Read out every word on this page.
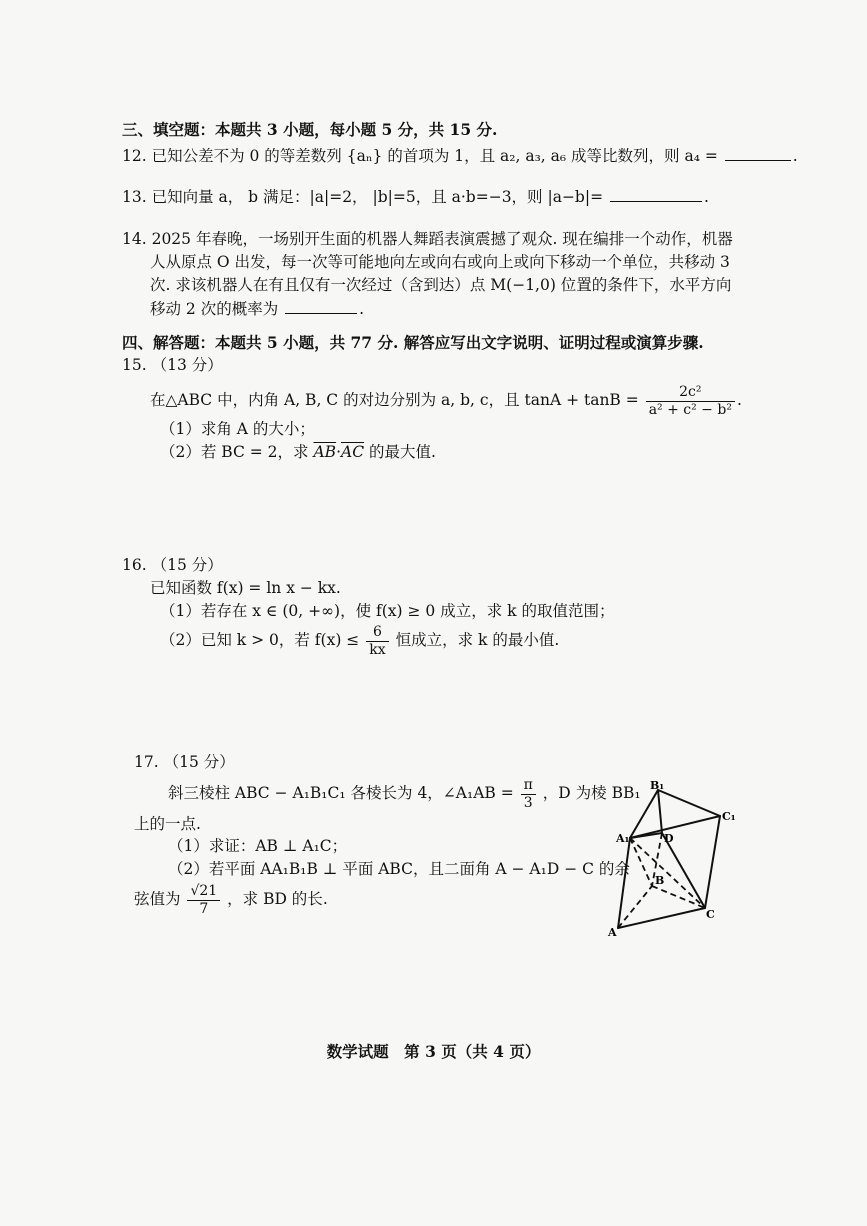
三、填空题：本题共 3 小题，每小题 5 分，共 15 分.
12. 已知公差不为 0 的等差数列 {aₙ} 的首项为 1，且 a₂, a₃, a₆ 成等比数列，则 a₄ =	.
13. 已知向量 a， b 满足：|a|=2， |b|=5，且 a·b=−3，则 |a−b|=	.
14. 2025 年春晚，一场别开生面的机器人舞蹈表演震撼了观众. 现在编排一个动作，机器
人从原点 O 出发，每一次等可能地向左或向右或向上或向下移动一个单位，共移动 3
次. 求该机器人在有且仅有一次经过（含到达）点 M(−1,0) 位置的条件下，水平方向
移动 2 次的概率为	.
四、解答题：本题共 5 小题，共 77 分. 解答应写出文字说明、证明过程或演算步骤.
15. （13 分）
在△ABC 中，内角 A, B, C 的对边分别为 a, b, c，且 $\tan A + \tan B = \frac{\text{2c²}}{\text{a² + c² − b²}}$ .
（1）求角 A 的大小；
（2）若 BC = 2，求 $\overline{AB}\cdot\overline{AC}$ 的最大值.
16. （15 分）
已知函数 f(x) = ln x − kx.
（1）若存在 x ∈ (0, +∞)，使 f(x) ≥ 0 成立，求 k 的取值范围；
（2）已知 k > 0，若 $f(x) \le \frac{6}{kx}$ 恒成立，求 k 的最小值.
17. （15 分）
斜三棱柱 ABC − A₁B₁C₁ 各棱长为 4，∠A₁AB = $\frac{\pi}{3}$ ，D 为棱 BB₁
上的一点.
（1）求证：AB ⊥ A₁C；
（2）若平面 AA₁B₁B ⊥ 平面 ABC，且二面角 A − A₁D − C 的余
弦值为 $\frac{√21}{7}$ ，求 BD 的长.
B₁
C₁
A₁	D
B
C
A
数学试题　第 3 页（共 4 页）
